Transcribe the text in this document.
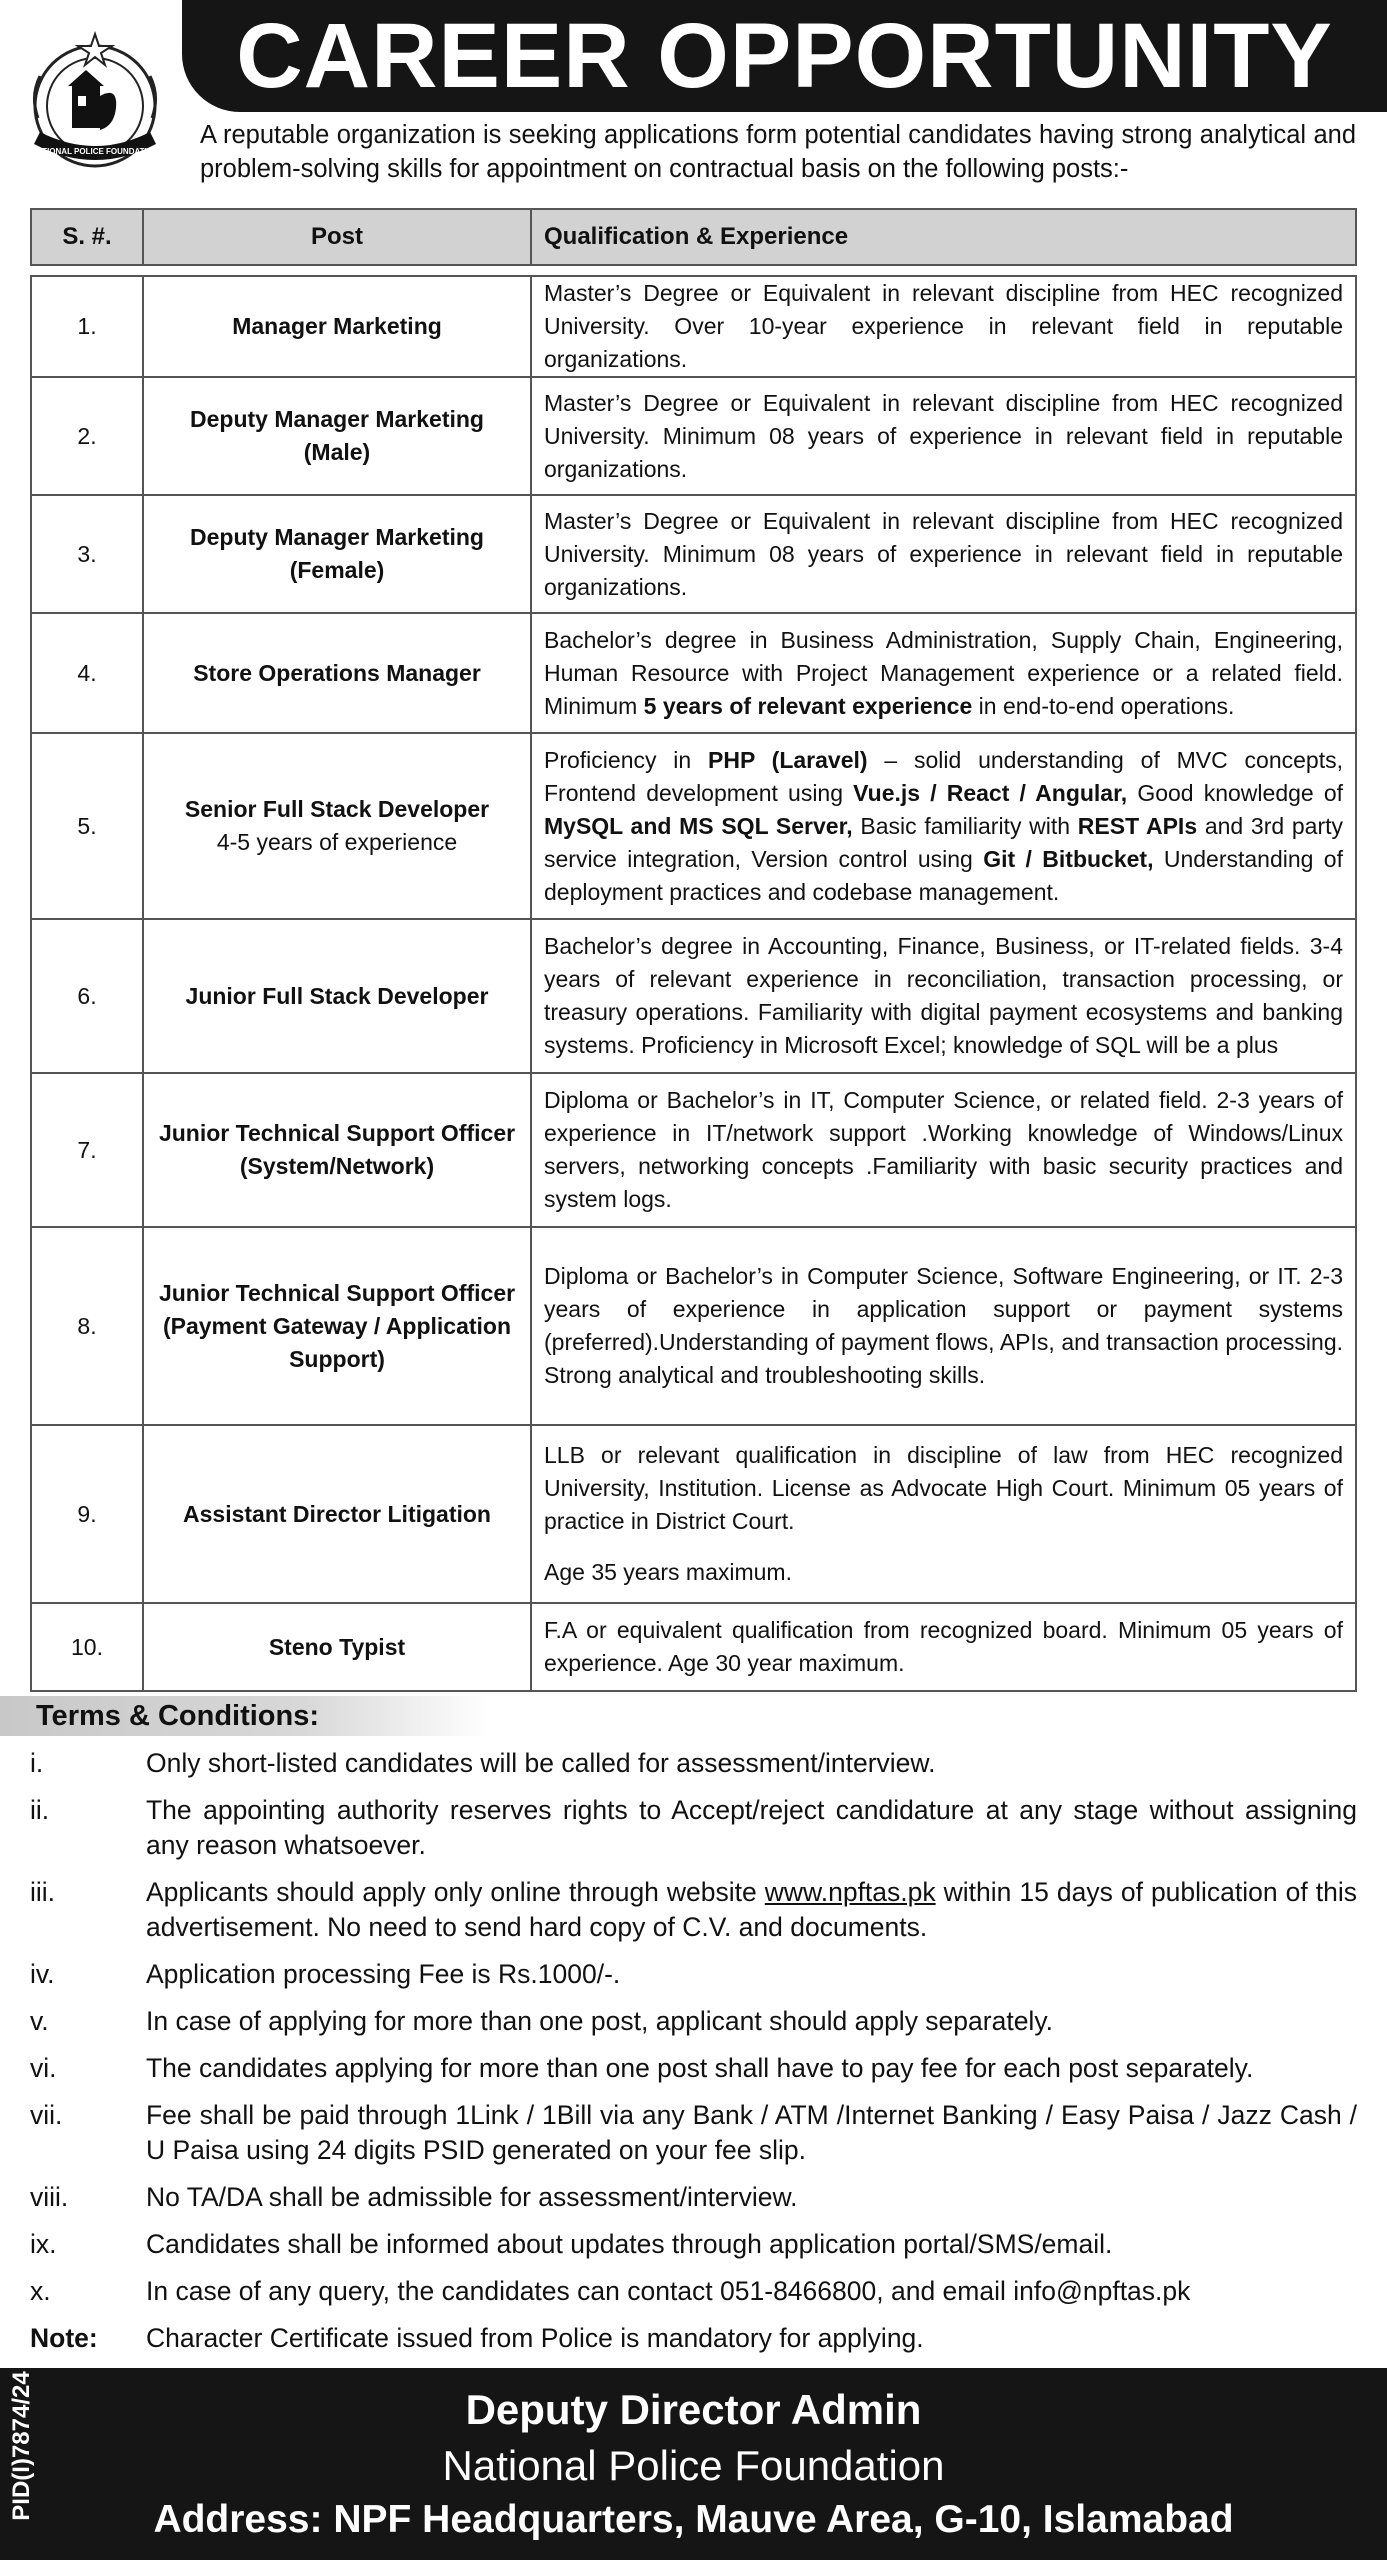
CAREER OPPORTUNITY
NATIONAL POLICE FOUNDATION

A reputable organization is seeking applications form potential candidates having strong analytical and problem-solving skills for appointment on contractual basis on the following posts:-

S. #.	Post	Qualification & Experience

1.	Manager Marketing	Master’s Degree or Equivalent in relevant discipline from HEC recognized University. Over 10-year experience in relevant field in reputable organizations.
2.	Deputy Manager Marketing (Male)	Master’s Degree or Equivalent in relevant discipline from HEC recognized University. Minimum 08 years of experience in relevant field in reputable organizations.
3.	Deputy Manager Marketing (Female)	Master’s Degree or Equivalent in relevant discipline from HEC recognized University. Minimum 08 years of experience in relevant field in reputable organizations.
4.	Store Operations Manager	Bachelor’s degree in Business Administration, Supply Chain, Engineering, Human Resource with Project Management experience or a related field. Minimum 5 years of relevant experience in end-to-end operations.
5.	Senior Full Stack Developer
4-5 years of experience	Proficiency in PHP (Laravel) – solid understanding of MVC concepts, Frontend development using Vue.js / React / Angular, Good knowledge of MySQL and MS SQL Server, Basic familiarity with REST APIs and 3rd party service integration, Version control using Git / Bitbucket, Understanding of deployment practices and codebase management.
6.	Junior Full Stack Developer	Bachelor’s degree in Accounting, Finance, Business, or IT-related fields. 3-4 years of relevant experience in reconciliation, transaction processing, or treasury operations. Familiarity with digital payment ecosystems and banking systems. Proficiency in Microsoft Excel; knowledge of SQL will be a plus
7.	Junior Technical Support Officer (System/Network)	Diploma or Bachelor’s in IT, Computer Science, or related field. 2-3 years of experience in IT/network support .Working knowledge of Windows/Linux servers, networking concepts .Familiarity with basic security practices and system logs.
8.	Junior Technical Support Officer (Payment Gateway / Application Support)	Diploma or Bachelor’s in Computer Science, Software Engineering, or IT. 2-3 years of experience in application support or payment systems (preferred).Understanding of payment flows, APIs, and transaction processing. Strong analytical and troubleshooting skills.
9.	Assistant Director Litigation	LLB or relevant qualification in discipline of law from HEC recognized University, Institution. License as Advocate High Court. Minimum 05 years of practice in District Court.
Age 35 years maximum.

10.	Steno Typist	F.A or equivalent qualification from recognized board. Minimum 05 years of experience. Age 30 year maximum.
Terms & Conditions:
i.	Only short-listed candidates will be called for assessment/interview.
ii.	The appointing authority reserves rights to Accept/reject candidature at any stage without assigning any reason whatsoever.
iii.	Applicants should apply only online through website www.npftas.pk within 15 days of publication of this advertisement. No need to send hard copy of C.V. and documents.
iv.	Application processing Fee is Rs.1000/-.
v.	In case of applying for more than one post, applicant should apply separately.
vi.	The candidates applying for more than one post shall have to pay fee for each post separately.
vii.	Fee shall be paid through 1Link / 1Bill via any Bank / ATM /Internet Banking / Easy Paisa / Jazz Cash / U Paisa using 24 digits PSID generated on your fee slip.
viii.	No TA/DA shall be admissible for assessment/interview.
ix.	Candidates shall be informed about updates through application portal/SMS/email.
x.	In case of any query, the candidates can contact 051-8466800, and email info@npftas.pk
Note:	Character Certificate issued from Police is mandatory for applying.
PID(I)7874/24	Deputy Director Admin
National Police Foundation
Address: NPF Headquarters, Mauve Area, G-10, Islamabad
